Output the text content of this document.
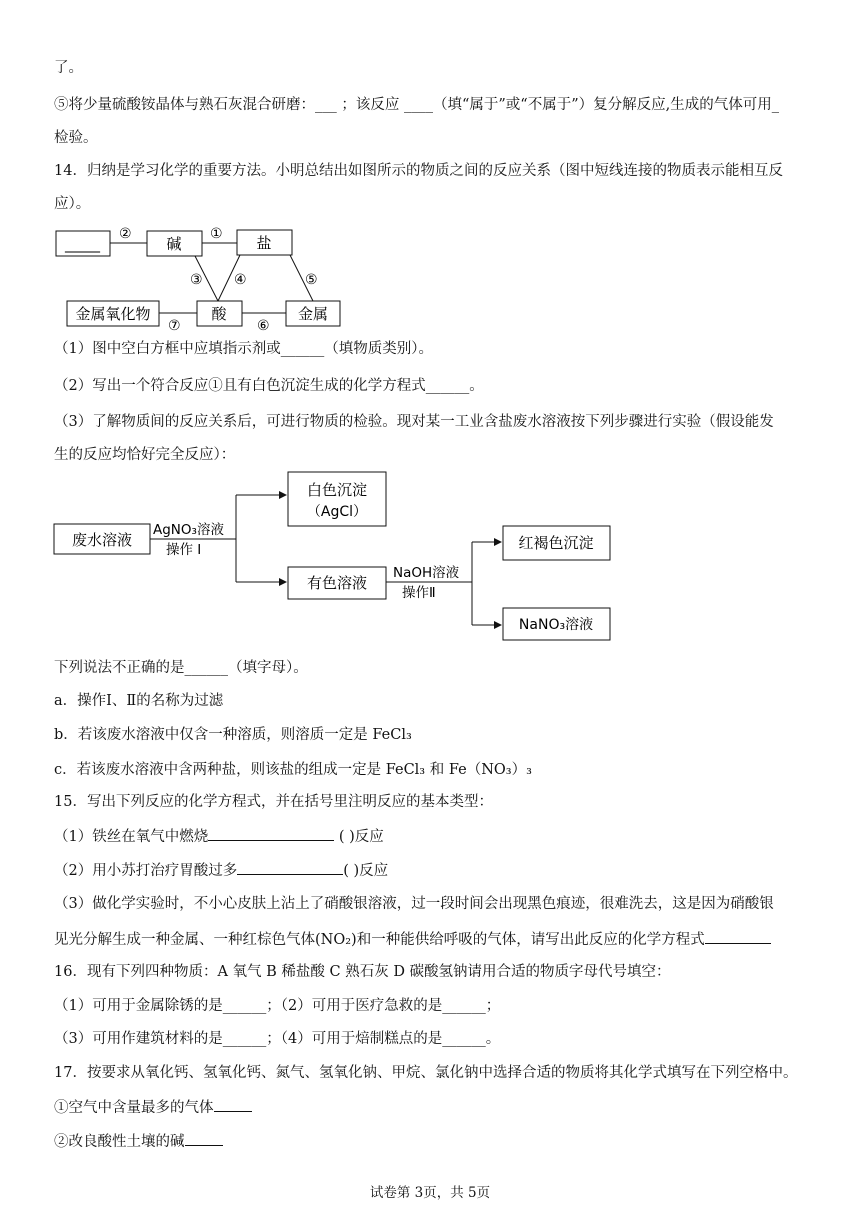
了。
⑤将少量硫酸铵晶体与熟石灰混合研磨：___ ；该反应 ____（填“属于”或“不属于”）复分解反应,生成的气体可用_
检验。
14．归纳是学习化学的重要方法。小明总结出如图所示的物质之间的反应关系（图中短线连接的物质表示能相互反
应）。
_____	碱	盐
金属氧化物	酸	金属
②	①
③ ④	⑤
⑦	⑥
（1）图中空白方框中应填指示剂或______（填物质类别）。
（2）写出一个符合反应①且有白色沉淀生成的化学方程式______。
（3）了解物质间的反应关系后，可进行物质的检验。现对某一工业含盐废水溶液按下列步骤进行实验（假设能发
生的反应均恰好完全反应）：
废水溶液
AgNO₃溶液
操作 I
白色沉淀
（AgCl）
有色溶液
NaOH溶液
操作Ⅱ
红褐色沉淀
NaNO₃溶液
下列说法不正确的是______（填字母）。
a．操作Ⅰ、Ⅱ的名称为过滤
b．若该废水溶液中仅含一种溶质，则溶质一定是 FeCl₃
c．若该废水溶液中含两种盐，则该盐的组成一定是 FeCl₃ 和 Fe（NO₃）₃
15．写出下列反应的化学方程式，并在括号里注明反应的基本类型：
（1）铁丝在氧气中燃烧	( )反应
（2）用小苏打治疗胃酸过多	( )反应
（3）做化学实验时，不小心皮肤上沾上了硝酸银溶液，过一段时间会出现黑色痕迹，很难洗去，这是因为硝酸银
见光分解生成一种金属、一种红棕色气体(NO₂)和一种能供给呼吸的气体，请写出此反应的化学方程式
16．现有下列四种物质：A 氧气 B 稀盐酸 C 熟石灰 D 碳酸氢钠请用合适的物质字母代号填空：
（1）可用于金属除锈的是______；（2）可用于医疗急救的是______；
（3）可用作建筑材料的是______；（4）可用于焙制糕点的是______。
17．按要求从氧化钙、氢氧化钙、氮气、氢氧化钠、甲烷、氯化钠中选择合适的物质将其化学式填写在下列空格中。
①空气中含量最多的气体
②改良酸性土壤的碱
试卷第 3页，共 5页
